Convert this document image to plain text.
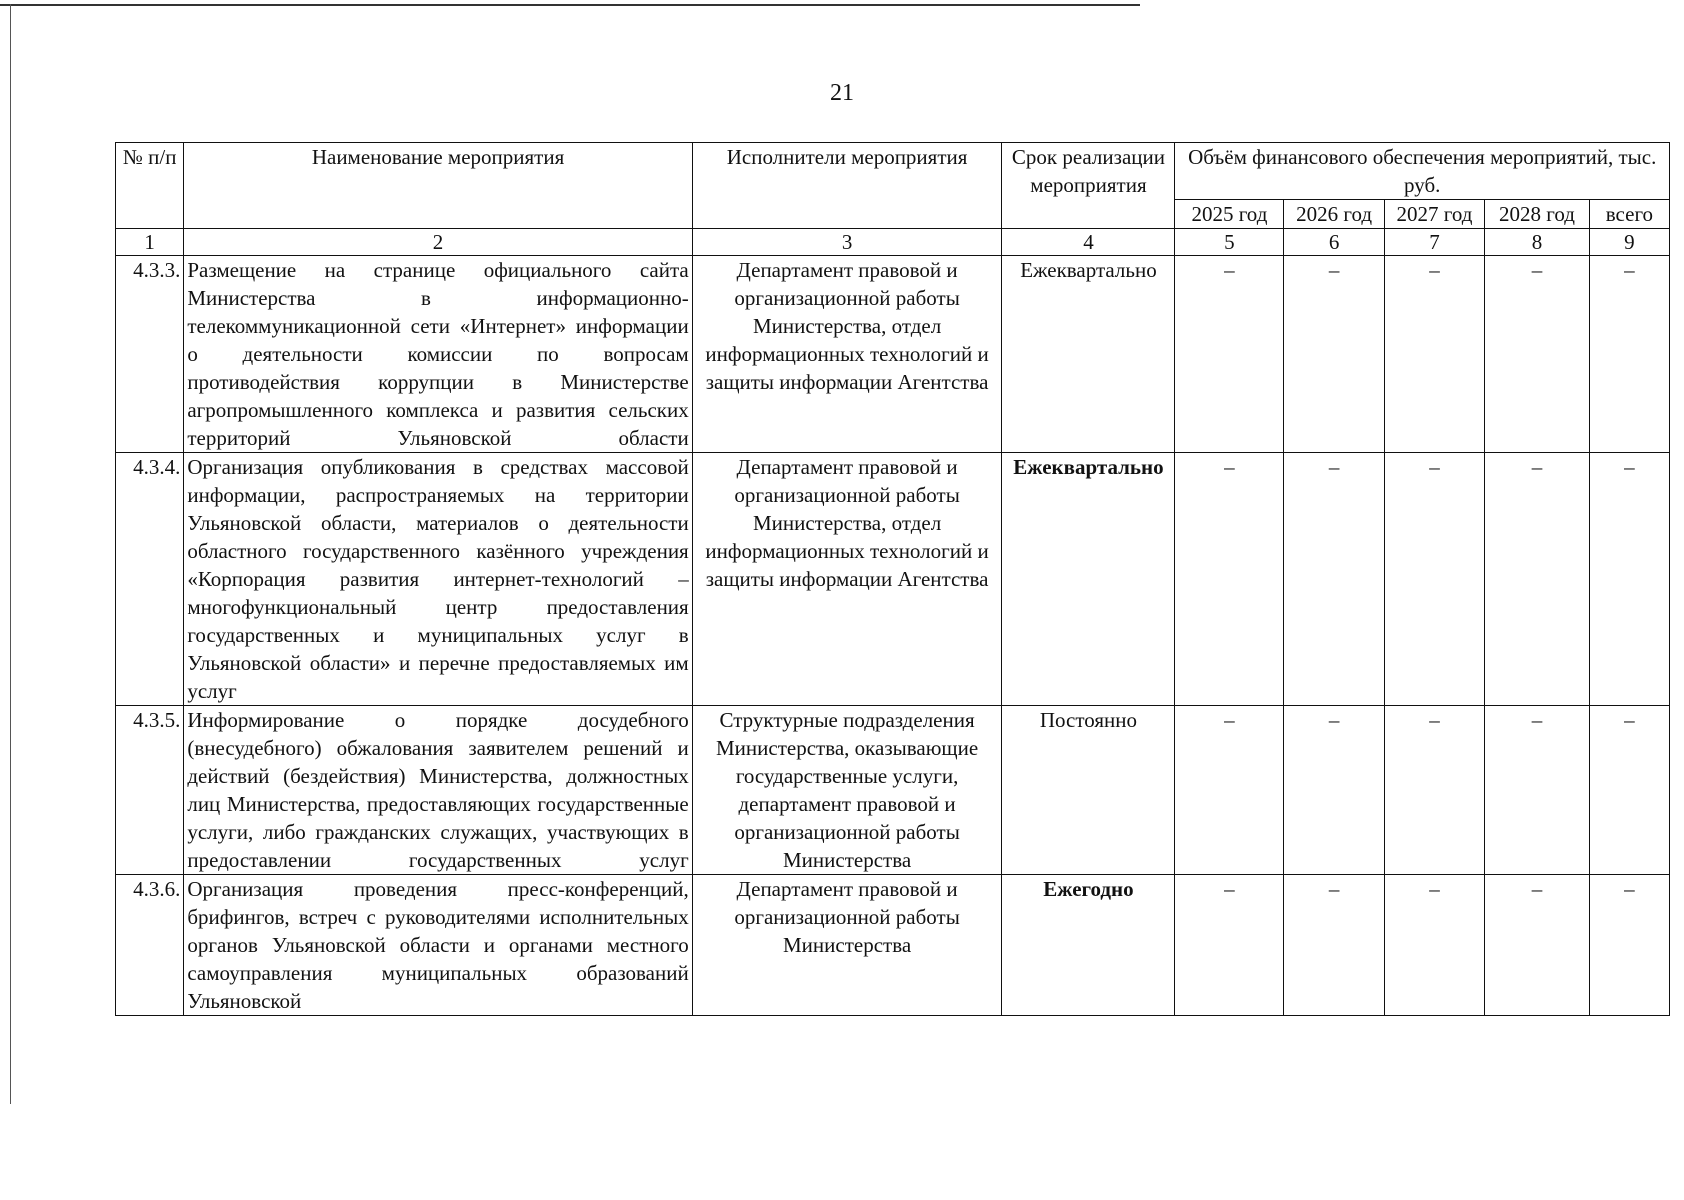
21
№ п/п	Наименование мероприятия	Исполнители мероприятия	Срок реализации мероприятия	Объём финансового обеспечения мероприятий, тыс. руб.				
				2025 год	2026 год	2027 год	2028 год	всего
1	2	3	4	5	6	7	8	9
4.3.3.	Размещение на странице официального сайта Министерства в информационно-телекоммуникационной сети «Интернет» информации о деятельности комиссии по вопросам противодействия коррупции в Министерстве агропромышленного комплекса и развития сельских территорий Ульяновской области	Департамент правовой и организационной работы Министерства, отдел информационных технологий и защиты информации Агентства	Ежеквартально	–	–	–	–	–
4.3.4.	Организация опубликования в средствах массовой информации, распространяемых на территории Ульяновской области, материалов о деятельности областного государственного казённого учреждения «Корпорация развития интернет-технологий – многофункциональный центр предоставления государственных и муниципальных услуг в Ульяновской области» и перечне предоставляемых им услуг	Департамент правовой и организационной работы Министерства, отдел информационных технологий и защиты информации Агентства	Ежеквартально	–	–	–	–	–
4.3.5.	Информирование о порядке досудебного (внесудебного) обжалования заявителем решений и действий (бездействия) Министерства, должностных лиц Министерства, предоставляющих государственные услуги, либо гражданских служащих, участвующих в предоставлении государственных услуг	Структурные подразделения Министерства, оказывающие государственные услуги, департамент правовой и организационной работы Министерства	Постоянно	–	–	–	–	–
4.3.6.	Организация проведения пресс-конференций, брифингов, встреч с руководителями исполнительных органов Ульяновской области и органами местного самоуправления муниципальных образований Ульяновской	Департамент правовой и организационной работы Министерства	Ежегодно	–	–	–	–	–
